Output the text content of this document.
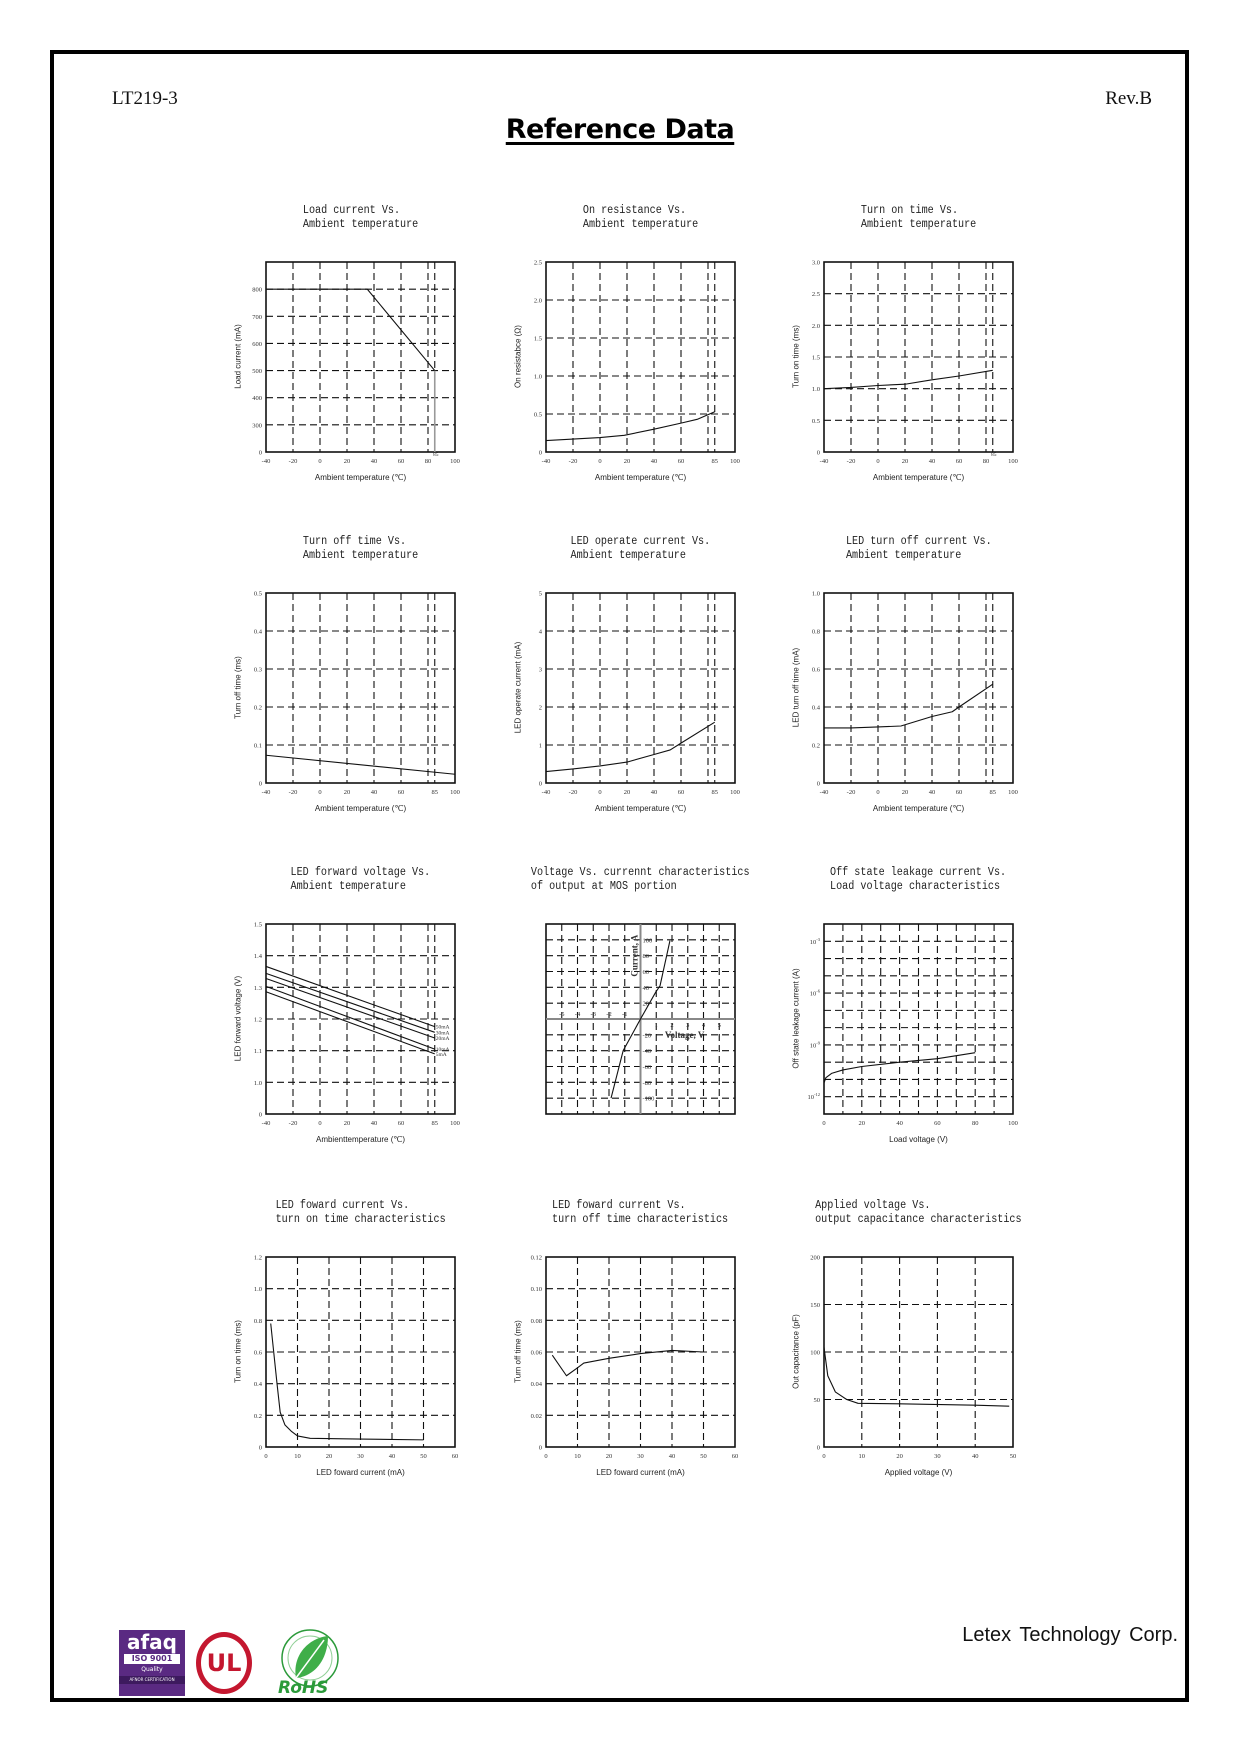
LT219-3	Rev.B
Reference Data
Load current Vs.
Ambient temperature
Ambient temperature (℃)
Load current (mA)
-40	-20	0	20	40	60	80	100
85
0
300
400
500
600
700
800
On resistance Vs.
Ambient temperature
Ambient temperature (℃)
On resistabce (Ω)
-40	-20	0	20	40	60	85 100
0
0.5
1.0
1.5
2.0
2.5
Turn on time Vs.
Ambient temperature
Ambient temperature (℃)
Turn on time (ms)
-40	-20	0	20	40	60	80	100
85
0
0.5
1.0
1.5
2.0
2.5
3.0
Turn off time Vs.
Ambient temperature
Ambient temperature (℃)
Turn off time (ms)
-40	-20	0	20	40	60	85 100
0
0.1
0.2
0.3
0.4
0.5
LED operate current Vs.
Ambient temperature
Ambient temperature (℃)
LED operate current (mA)
-40	-20	0	20	40	60	85 100
0
1
2
3
4
5
LED turn off current Vs.
Ambient temperature
Ambient temperature (℃)
LED turn off time (mA)
-40	-20	0	20	40	60	85 100
0
0.2
0.4
0.6
0.8
1.0
LED forward voltage Vs.
Ambient temperature
Ambienttemperature (℃)
LED forward voltage (V)
-40	-20	0	20	40	60	85 100
0
1.0
1.1
1.2
1.3
1.4
1.5
50mA
30mA
20mA
10mA
5mA
Voltage Vs. currennt characteristics
of output at MOS portion
-5 -4 -3 -2 -1
1 2 3 4 5
100
80
60
40
20
-20
-40
-60
-80
-100
Current, A
Voltage, V
Off state leakage current Vs.
Load voltage characteristics
Load voltage (V)
Off state leakage current (A)
0	20	40	60	80	100
$10^{-3}$
$10^{-6}$
$10^{-9}$
$10^{-12}$
LED foward current Vs.
turn on time characteristics
LED foward current (mA)
Turn on time (ms)
0	10	20	30	40	50	60
0
0.2
0.4
0.6
0.8
1.0
1.2
LED foward current Vs.
turn off time characteristics
LED foward current (mA)
Turn off time (ms)
0	10	20	30	40	50	60
0
0.02
0.04
0.06
0.08
0.10
0.12
Applied voltage Vs.
output capacitance characteristics
Applied voltage (V)
Out capacitance (pF)
0	10	20	30	40	50
0
50
100
150
200
afaq
ISO 9001
Quality
AFNOR CERTIFICATION
UL
RoHS
Letex Technology Corp.
